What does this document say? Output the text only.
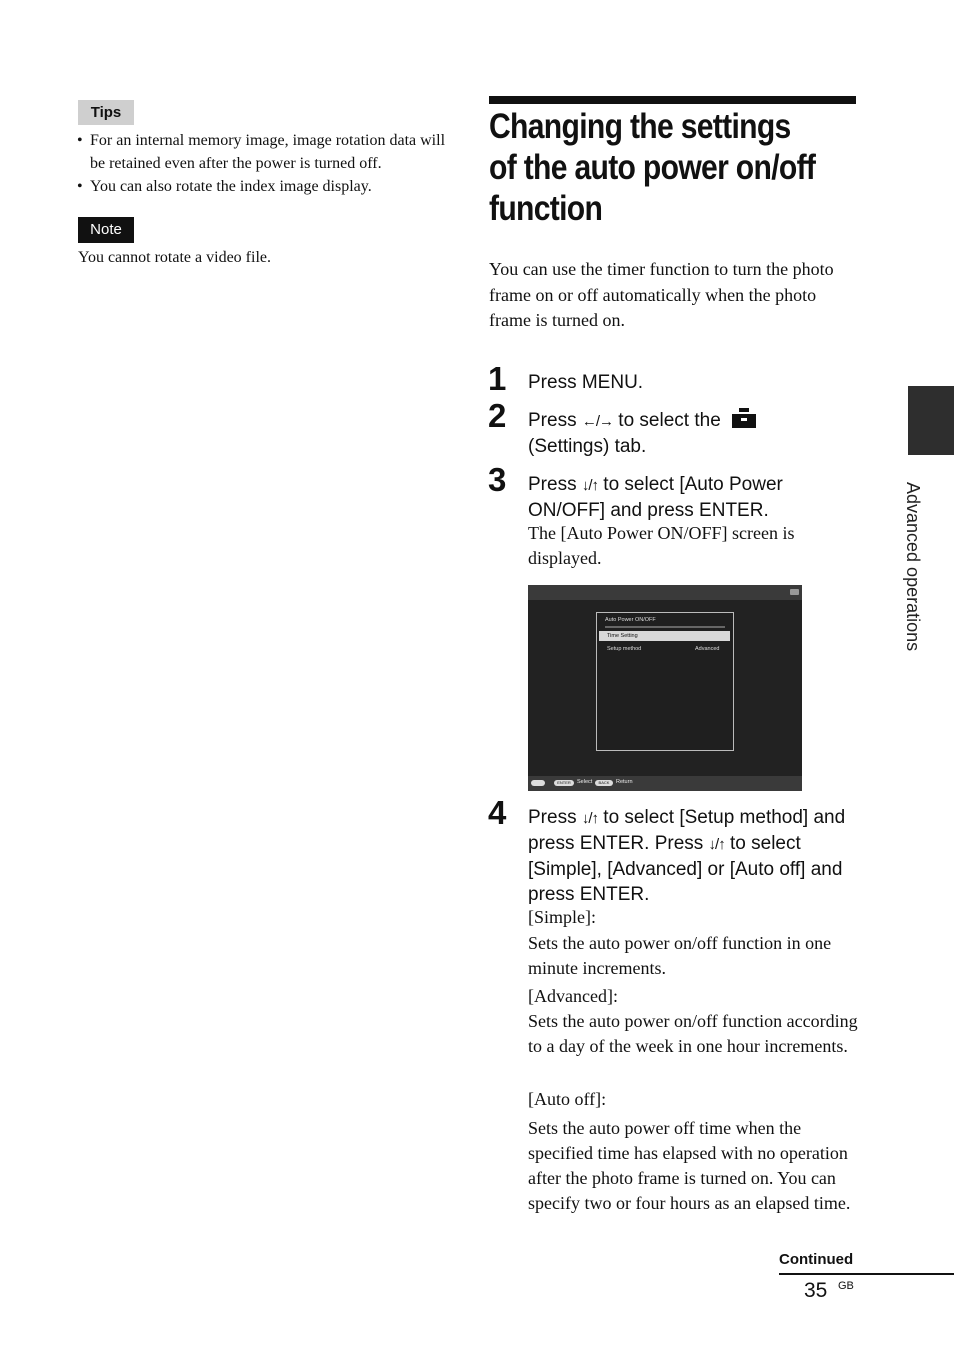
Tips
• For an internal memory image, image rotation data will be retained even after the power is turned off.
• You can also rotate the index image display.
Note
You cannot rotate a video file.
Changing the settings of the auto power on/off function

You can use the timer function to turn the photo frame on or off automatically when the photo frame is turned on.

1 Press MENU.

2 Press ←/→ to select the

(Settings) tab.

3 Press ↓/↑ to select [Auto Power ON/OFF] and press ENTER.

The [Auto Power ON/OFF] screen is displayed.

Auto Power ON/OFF
Time Setting
Setup method	Advanced
ENTER	Select	BACK	Return
4 Press ↓/↑ to select [Setup method] and press ENTER. Press ↓/↑ to select [Simple], [Advanced] or [Auto off] and press ENTER.

[Simple]:

Sets the auto power on/off function in one minute increments.

[Advanced]:

Sets the auto power on/off function according to a day of the week in one hour increments.

[Auto off]:

Sets the auto power off time when the specified time has elapsed with no operation after the photo frame is turned on. You can specify two or four hours as an elapsed time.

Advanced operations
Continued
35 GB
